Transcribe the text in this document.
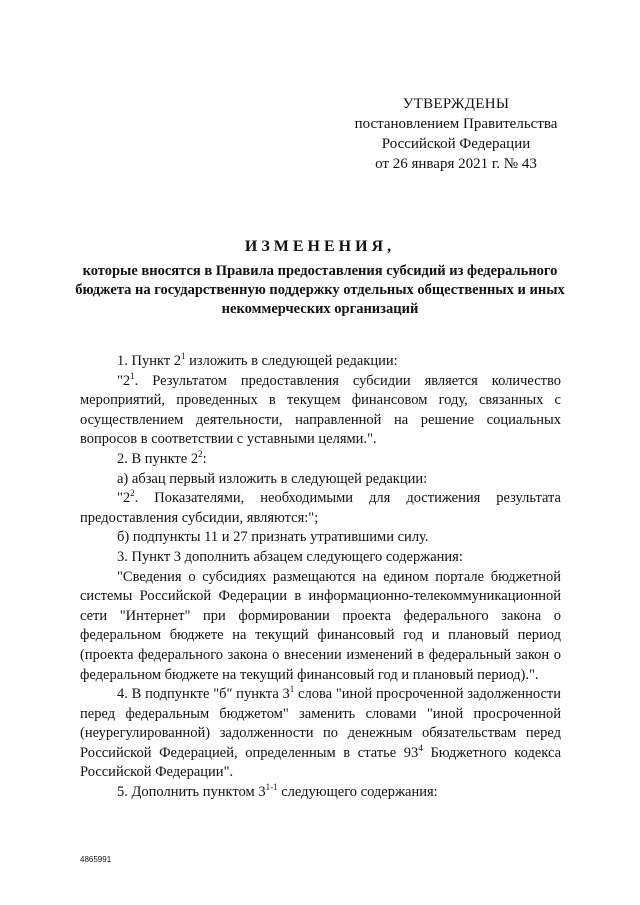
УТВЕРЖДЕНЫ
постановлением Правительства
Российской Федерации
от 26 января 2021 г. № 43
ИЗМЕНЕНИЯ,
которые вносятся в Правила предоставления субсидий из федерального бюджета на государственную поддержку отдельных общественных и иных некоммерческих организаций

1. Пункт $2^1$ изложить в следующей редакции:

"$2^1$. Результатом предоставления субсидии является количество мероприятий, проведенных в текущем финансовом году, связанных с осуществлением деятельности, направленной на решение социальных вопросов в соответствии с уставными целями.".

2. В пункте $2^2$:

а) абзац первый изложить в следующей редакции:

"$2^2$. Показателями, необходимыми для достижения результата предоставления субсидии, являются:";

б) подпункты 11 и 27 признать утратившими силу.

3. Пункт 3 дополнить абзацем следующего содержания:

"Сведения о субсидиях размещаются на едином портале бюджетной системы Российской Федерации в информационно-телекоммуникационной сети "Интернет" при формировании проекта федерального закона о федеральном бюджете на текущий финансовый год и плановый период (проекта федерального закона о внесении изменений в федеральный закон о федеральном бюджете на текущий финансовый год и плановый период).".

4. В подпункте "б" пункта $3^1$ слова "иной просроченной задолженности перед федеральным бюджетом" заменить словами "иной просроченной (неурегулированной) задолженности по денежным обязательствам перед Российской Федерацией, определенным в статье $93^4$ Бюджетного кодекса Российской Федерации".

5. Дополнить пунктом 3$^{1-1}$ следующего содержания:

4865991
